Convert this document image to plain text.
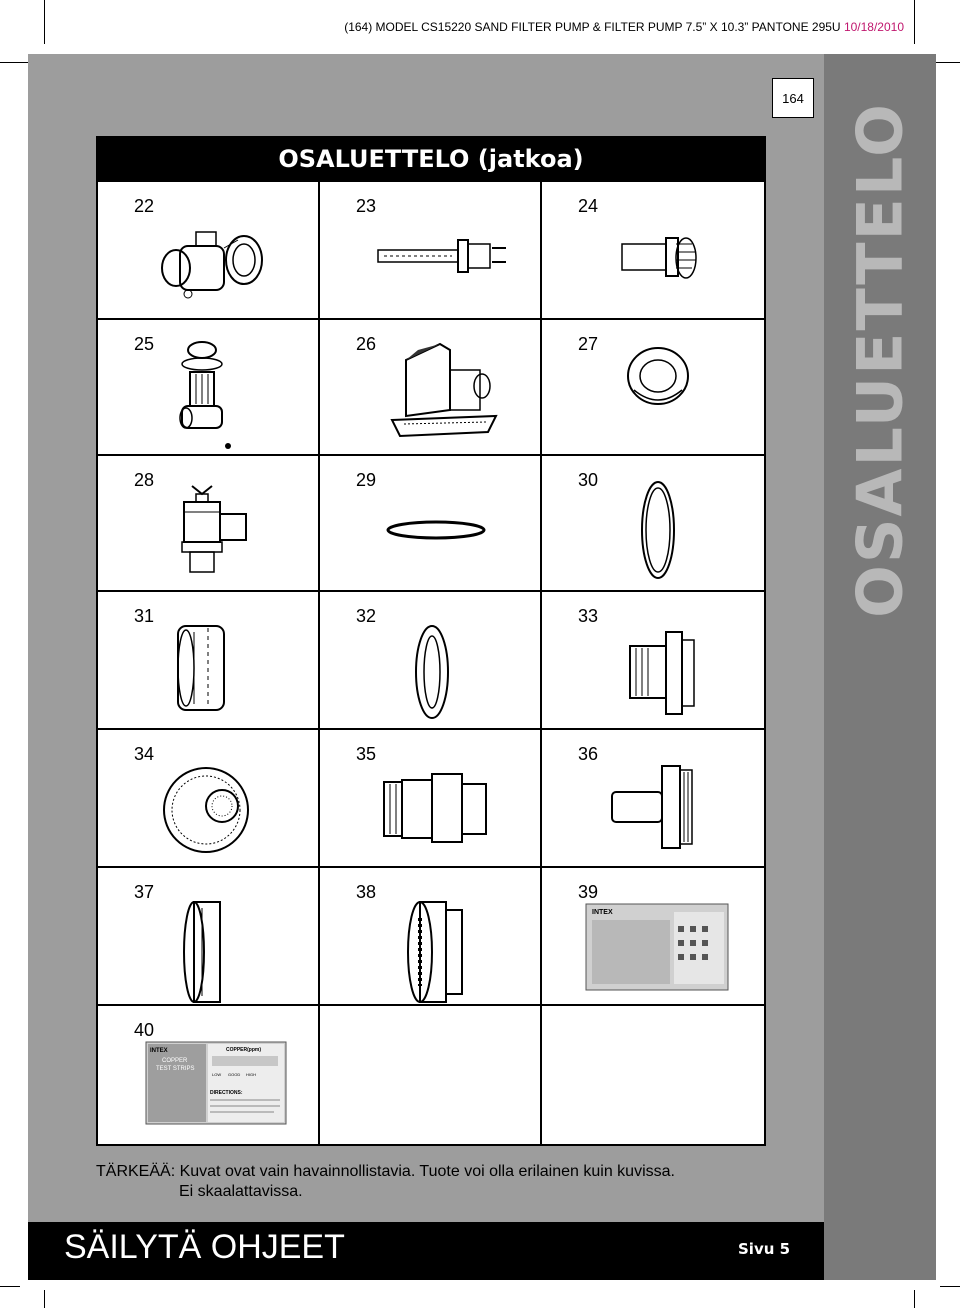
(164) MODEL CS15220 SAND FILTER PUMP & FILTER PUMP 7.5” X 10.3” PANTONE 295U 10/18/2010
OSALUETTELO
164
OSALUETTELO (jatkoa)
22	23	24
25	26	27
28	29	30
31	32	33
34	35	36
37	38	39
INTEX
40
INTEX
COPPER
TEST STRIPS
COPPER(ppm)
LOW GOOD HIGH
DIRECTIONS:
TÄRKEÄÄ: Kuvat ovat vain havainnollistavia. Tuote voi olla erilainen kuin kuvissa.
Ei skaalattavissa.
SÄILYTÄ OHJEET	Sivu 5
